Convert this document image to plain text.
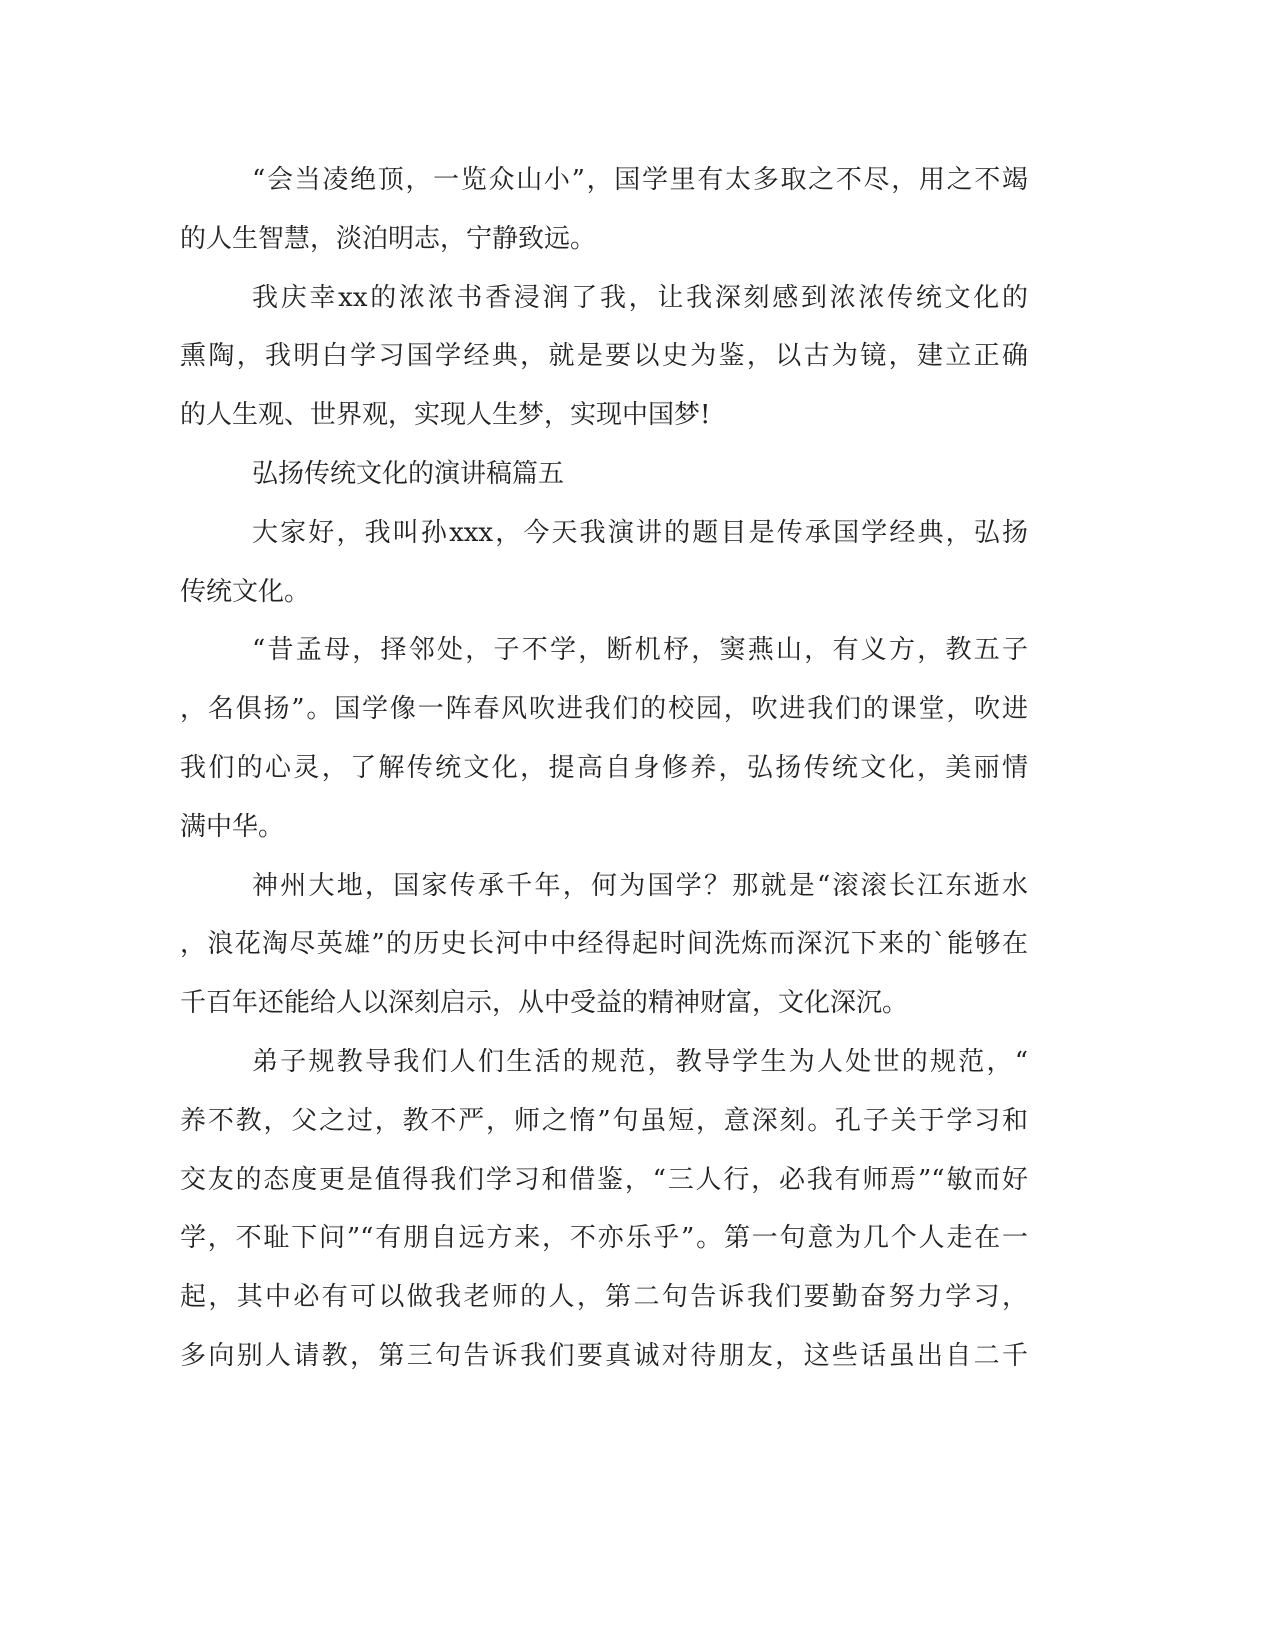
“会当凌绝顶，一览众山小”，国学里有太多取之不尽，用之不竭
的人生智慧，淡泊明志，宁静致远。
我庆幸xx的浓浓书香浸润了我，让我深刻感到浓浓传统文化的
熏陶，我明白学习国学经典，就是要以史为鉴，以古为镜，建立正确
的人生观、世界观，实现人生梦，实现中国梦!
弘扬传统文化的演讲稿篇五
大家好，我叫孙xxx，今天我演讲的题目是传承国学经典，弘扬
传统文化。
“昔孟母，择邻处，子不学，断机杼，窦燕山，有义方，教五子
，名俱扬”。国学像一阵春风吹进我们的校园，吹进我们的课堂，吹进
我们的心灵，了解传统文化，提高自身修养，弘扬传统文化，美丽情
满中华。
神州大地，国家传承千年，何为国学？那就是“滚滚长江东逝水
，浪花淘尽英雄”的历史长河中中经得起时间洗炼而深沉下来的`能够在
千百年还能给人以深刻启示，从中受益的精神财富，文化深沉。
弟子规教导我们人们生活的规范，教导学生为人处世的规范，“
养不教，父之过，教不严，师之惰”句虽短，意深刻。孔子关于学习和
交友的态度更是值得我们学习和借鉴，“三人行，必我有师焉”“敏而好
学，不耻下问”“有朋自远方来，不亦乐乎”。第一句意为几个人走在一
起，其中必有可以做我老师的人，第二句告诉我们要勤奋努力学习，
多向别人请教，第三句告诉我们要真诚对待朋友，这些话虽出自二千
